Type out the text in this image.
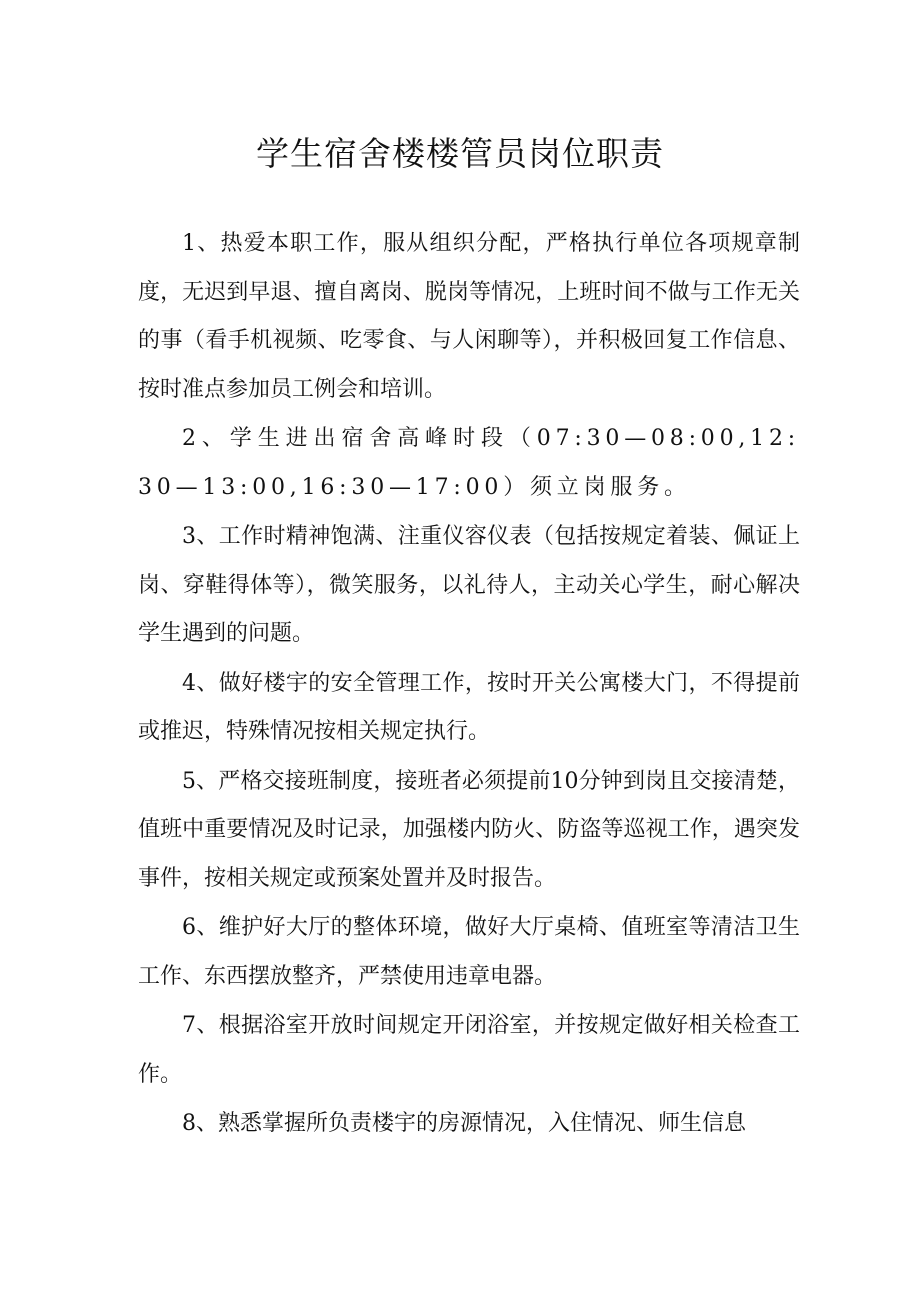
学生宿舍楼楼管员岗位职责

1、热爱本职工作，服从组织分配，严格执行单位各项规章制度，无迟到早退、擅自离岗、脱岗等情况，上班时间不做与工作无关的事（看手机视频、吃零食、与人闲聊等），并积极回复工作信息、按时准点参加员工例会和培训。

2、学生进出宿舍高峰时段（07:30—08:00,12:30—13:00,16:30—17:00）须立岗服务。

3、工作时精神饱满、注重仪容仪表（包括按规定着装、佩证上岗、穿鞋得体等），微笑服务，以礼待人，主动关心学生，耐心解决学生遇到的问题。

4、做好楼宇的安全管理工作，按时开关公寓楼大门，不得提前或推迟，特殊情况按相关规定执行。

5、严格交接班制度，接班者必须提前10分钟到岗且交接清楚，值班中重要情况及时记录，加强楼内防火、防盗等巡视工作，遇突发事件，按相关规定或预案处置并及时报告。

6、维护好大厅的整体环境，做好大厅桌椅、值班室等清洁卫生工作、东西摆放整齐，严禁使用违章电器。

7、根据浴室开放时间规定开闭浴室，并按规定做好相关检查工作。

8、熟悉掌握所负责楼宇的房源情况，入住情况、师生信息
